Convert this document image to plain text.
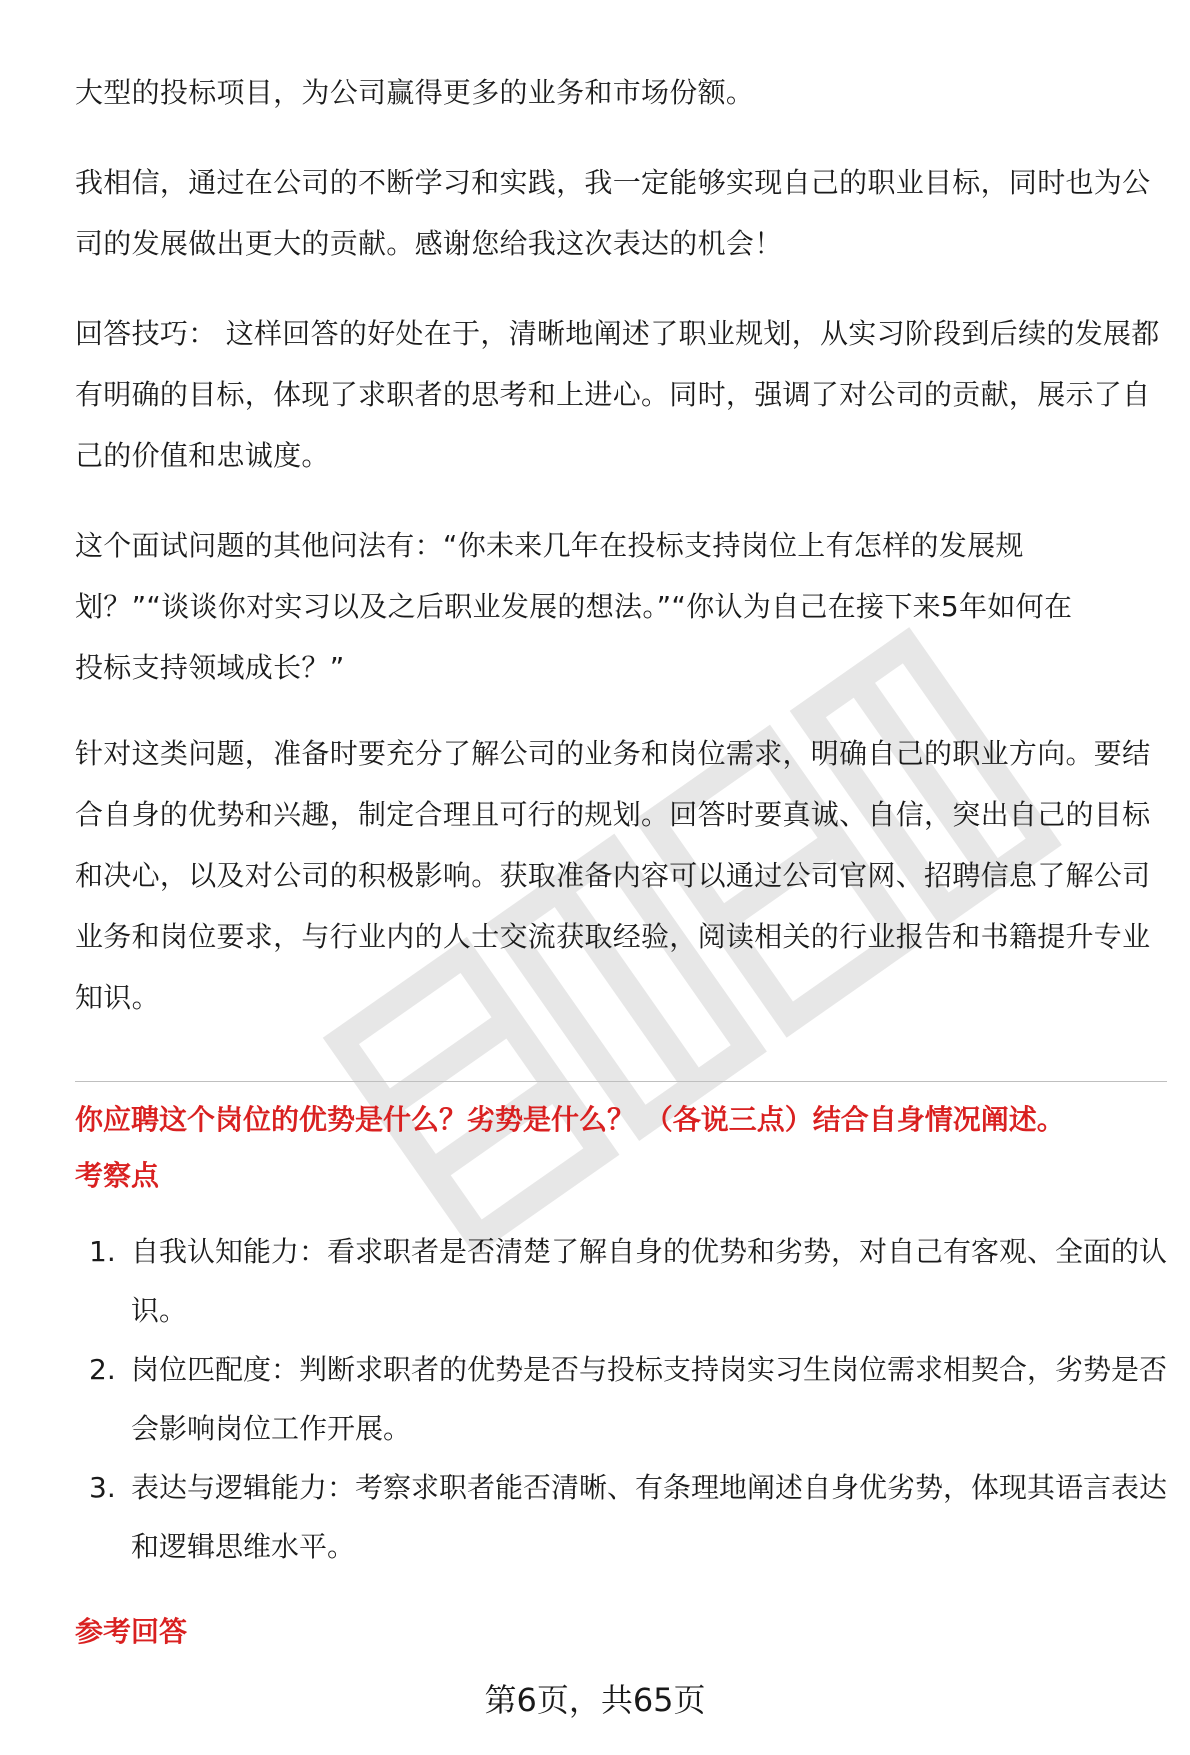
大型的投标项目，为公司赢得更多的业务和市场份额。

我相信，通过在公司的不断学习和实践，我一定能够实现自己的职业目标，同时也为公司的发展做出更大的贡献。感谢您给我这次表达的机会！

回答技巧： 这样回答的好处在于，清晰地阐述了职业规划，从实习阶段到后续的发展都有明确的目标，体现了求职者的思考和上进心。同时，强调了对公司的贡献，展示了自己的价值和忠诚度。

这个面试问题的其他问法有：“你未来几年在投标支持岗位上有怎样的发展规划？”“谈谈你对实习以及之后职业发展的想法。”“你认为自己在接下来5年如何在投标支持领域成长？”

针对这类问题，准备时要充分了解公司的业务和岗位需求，明确自己的职业方向。要结合自身的优势和兴趣，制定合理且可行的规划。回答时要真诚、自信，突出自己的目标和决心，以及对公司的积极影响。获取准备内容可以通过公司官网、招聘信息了解公司业务和岗位要求，与行业内的人士交流获取经验，阅读相关的行业报告和书籍提升专业知识。

你应聘这个岗位的优势是什么？劣势是什么？ （各说三点）结合自身情况阐述。

考察点

1. 自我认知能力：看求职者是否清楚了解自身的优势和劣势，对自己有客观、全面的认识。
2. 岗位匹配度：判断求职者的优势是否与投标支持岗实习生岗位需求相契合，劣势是否会影响岗位工作开展。
3. 表达与逻辑能力：考察求职者能否清晰、有条理地阐述自身优劣势，体现其语言表达和逻辑思维水平。

参考回答

第6页，共65页
